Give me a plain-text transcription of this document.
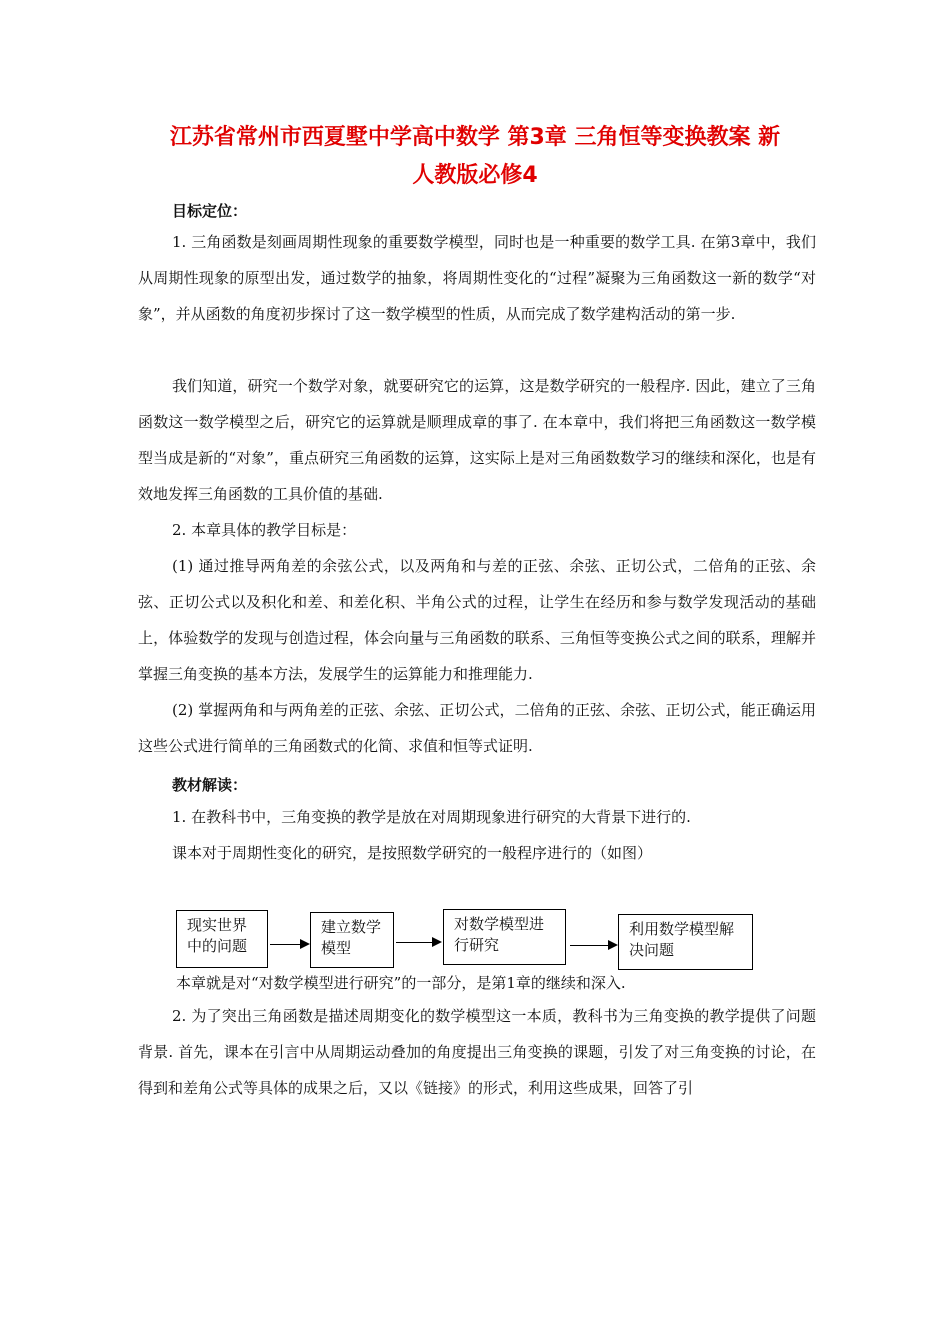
江苏省常州市西夏墅中学高中数学 第3章 三角恒等变换教案 新
人教版必修4
目标定位：

1. 三角函数是刻画周期性现象的重要数学模型，同时也是一种重要的数学工具. 在第3章中，我们从周期性现象的原型出发，通过数学的抽象，将周期性变化的“过程”凝聚为三角函数这一新的数学“对象”，并从函数的角度初步探讨了这一数学模型的性质，从而完成了数学建构活动的第一步.

我们知道，研究一个数学对象，就要研究它的运算，这是数学研究的一般程序. 因此，建立了三角函数这一数学模型之后，研究它的运算就是顺理成章的事了. 在本章中，我们将把三角函数这一数学模型当成是新的“对象”，重点研究三角函数的运算，这实际上是对三角函数数学习的继续和深化，也是有效地发挥三角函数的工具价值的基础.

2. 本章具体的教学目标是：

(1) 通过推导两角差的余弦公式，以及两角和与差的正弦、余弦、正切公式，二倍角的正弦、余弦、正切公式以及积化和差、和差化积、半角公式的过程，让学生在经历和参与数学发现活动的基础上，体验数学的发现与创造过程，体会向量与三角函数的联系、三角恒等变换公式之间的联系，理解并掌握三角变换的基本方法，发展学生的运算能力和推理能力.

(2) 掌握两角和与两角差的正弦、余弦、正切公式，二倍角的正弦、余弦、正切公式，能正确运用这些公式进行简单的三角函数式的化简、求值和恒等式证明.

教材解读：
1. 在教科书中，三角变换的教学是放在对周期现象进行研究的大背景下进行的.
课本对于周期性变化的研究，是按照数学研究的一般程序进行的（如图）
现实世界中的问题
建立数学模型
对数学模型进行研究
利用数学模型解决问题
本章就是对“对数学模型进行研究”的一部分，是第1章的继续和深入.

2. 为了突出三角函数是描述周期变化的数学模型这一本质，教科书为三角变换的教学提供了问题背景. 首先，课本在引言中从周期运动叠加的角度提出三角变换的课题，引发了对三角变换的讨论，在得到和差角公式等具体的成果之后，又以《链接》的形式，利用这些成果，回答了引
